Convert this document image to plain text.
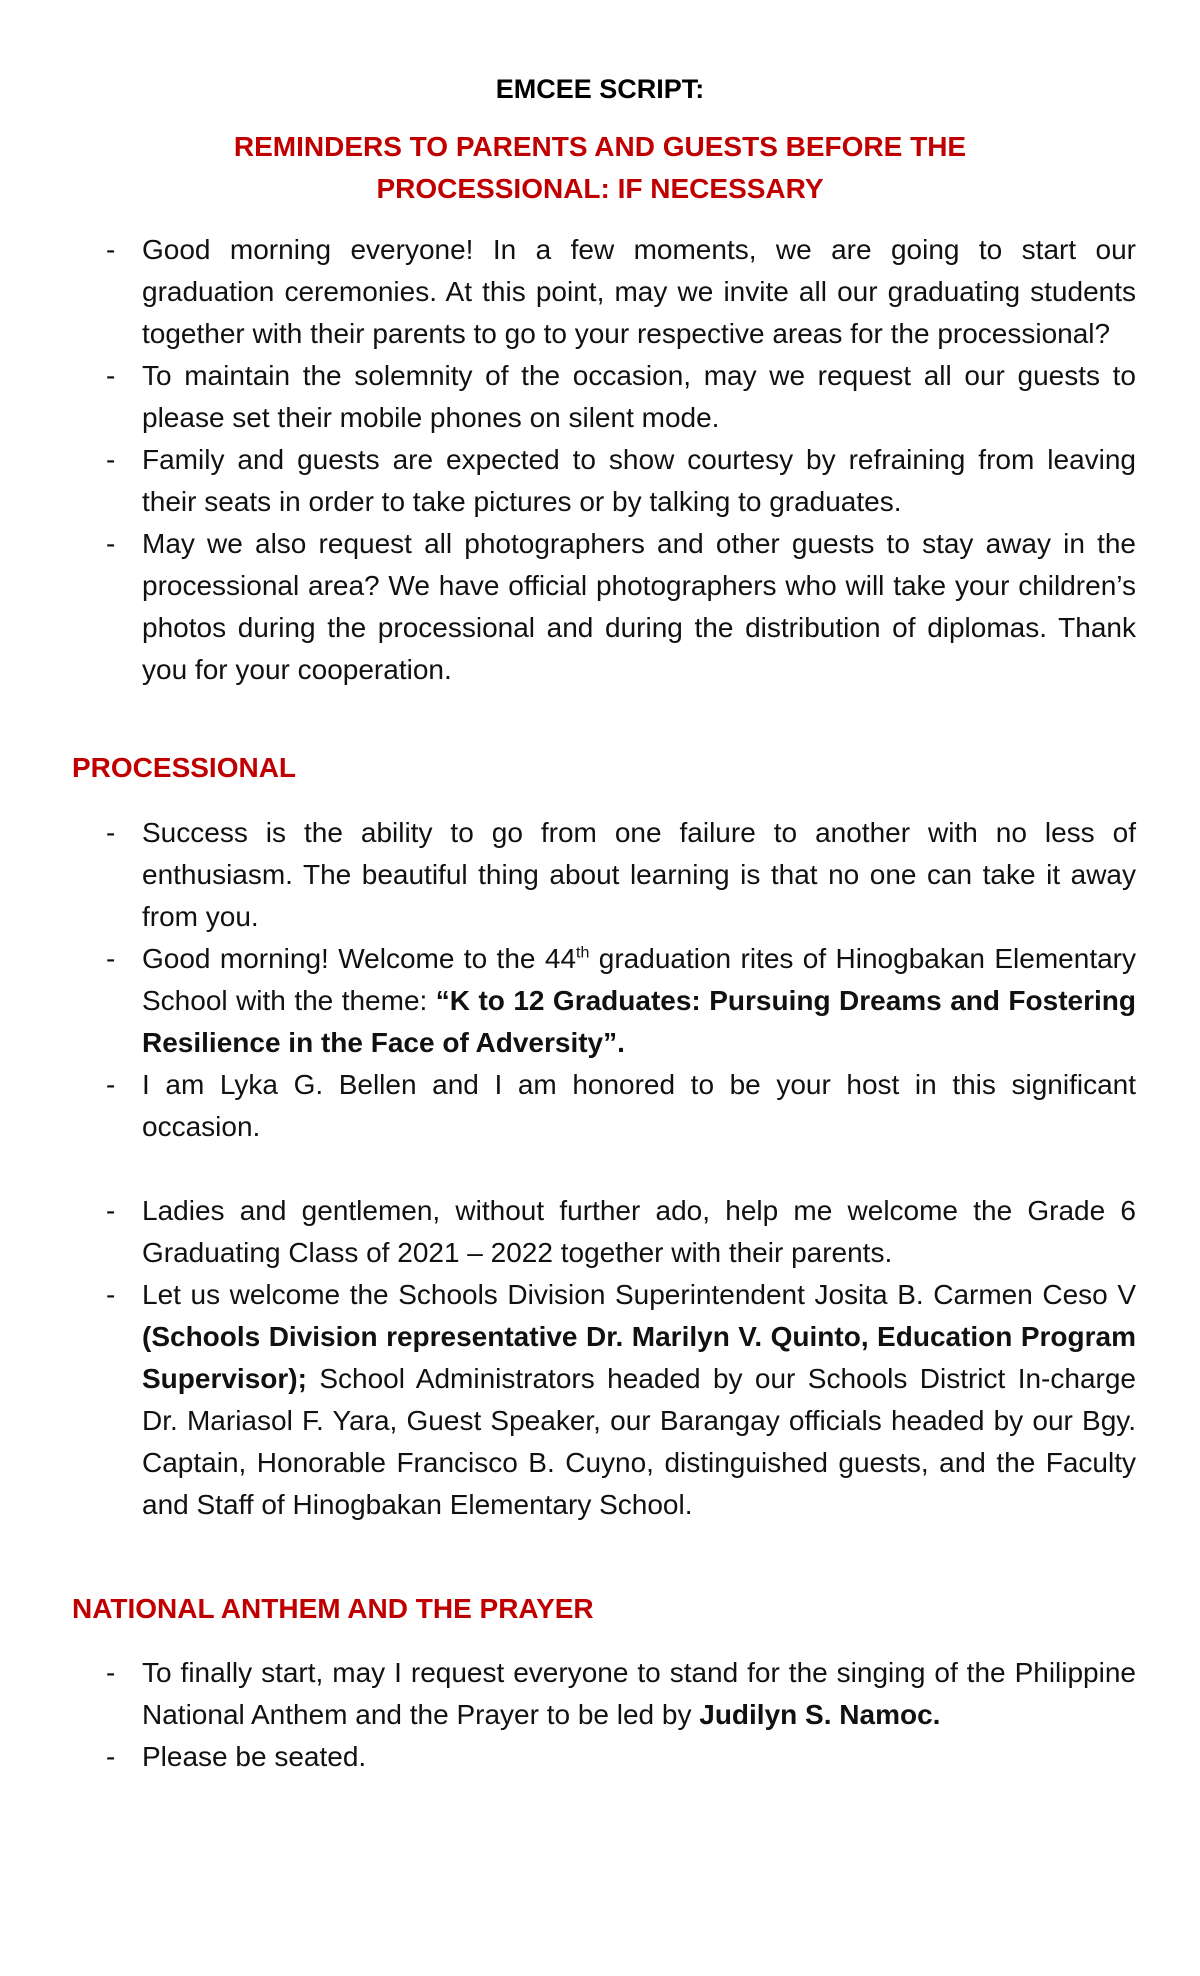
EMCEE SCRIPT:
REMINDERS TO PARENTS AND GUESTS BEFORE THE
PROCESSIONAL: IF NECESSARY
- Good morning everyone! In a few moments, we are going to start our graduation ceremonies. At this point, may we invite all our graduating students together with their parents to go to your respective areas for the processional?
- To maintain the solemnity of the occasion, may we request all our guests to please set their mobile phones on silent mode.
- Family and guests are expected to show courtesy by refraining from leaving their seats in order to take pictures or by talking to graduates.
- May we also request all photographers and other guests to stay away in the processional area? We have official photographers who will take your children’s photos during the processional and during the distribution of diplomas. Thank you for your cooperation.
PROCESSIONAL
- Success is the ability to go from one failure to another with no less of enthusiasm. The beautiful thing about learning is that no one can take it away from you.
- Good morning! Welcome to the 44th graduation rites of Hinogbakan Elementary School with the theme: “K to 12 Graduates: Pursuing Dreams and Fostering Resilience in the Face of Adversity”.
- I am Lyka G. Bellen and I am honored to be your host in this significant occasion.
- Ladies and gentlemen, without further ado, help me welcome the Grade 6 Graduating Class of 2021 – 2022 together with their parents.
- Let us welcome the Schools Division Superintendent Josita B. Carmen Ceso V (Schools Division representative Dr. Marilyn V. Quinto, Education Program Supervisor); School Administrators headed by our Schools District In-charge Dr. Mariasol F. Yara, Guest Speaker, our Barangay officials headed by our Bgy. Captain, Honorable Francisco B. Cuyno, distinguished guests, and the Faculty and Staff of Hinogbakan Elementary School.
NATIONAL ANTHEM AND THE PRAYER
- To finally start, may I request everyone to stand for the singing of the Philippine National Anthem and the Prayer to be led by Judilyn S. Namoc.
- Please be seated.
